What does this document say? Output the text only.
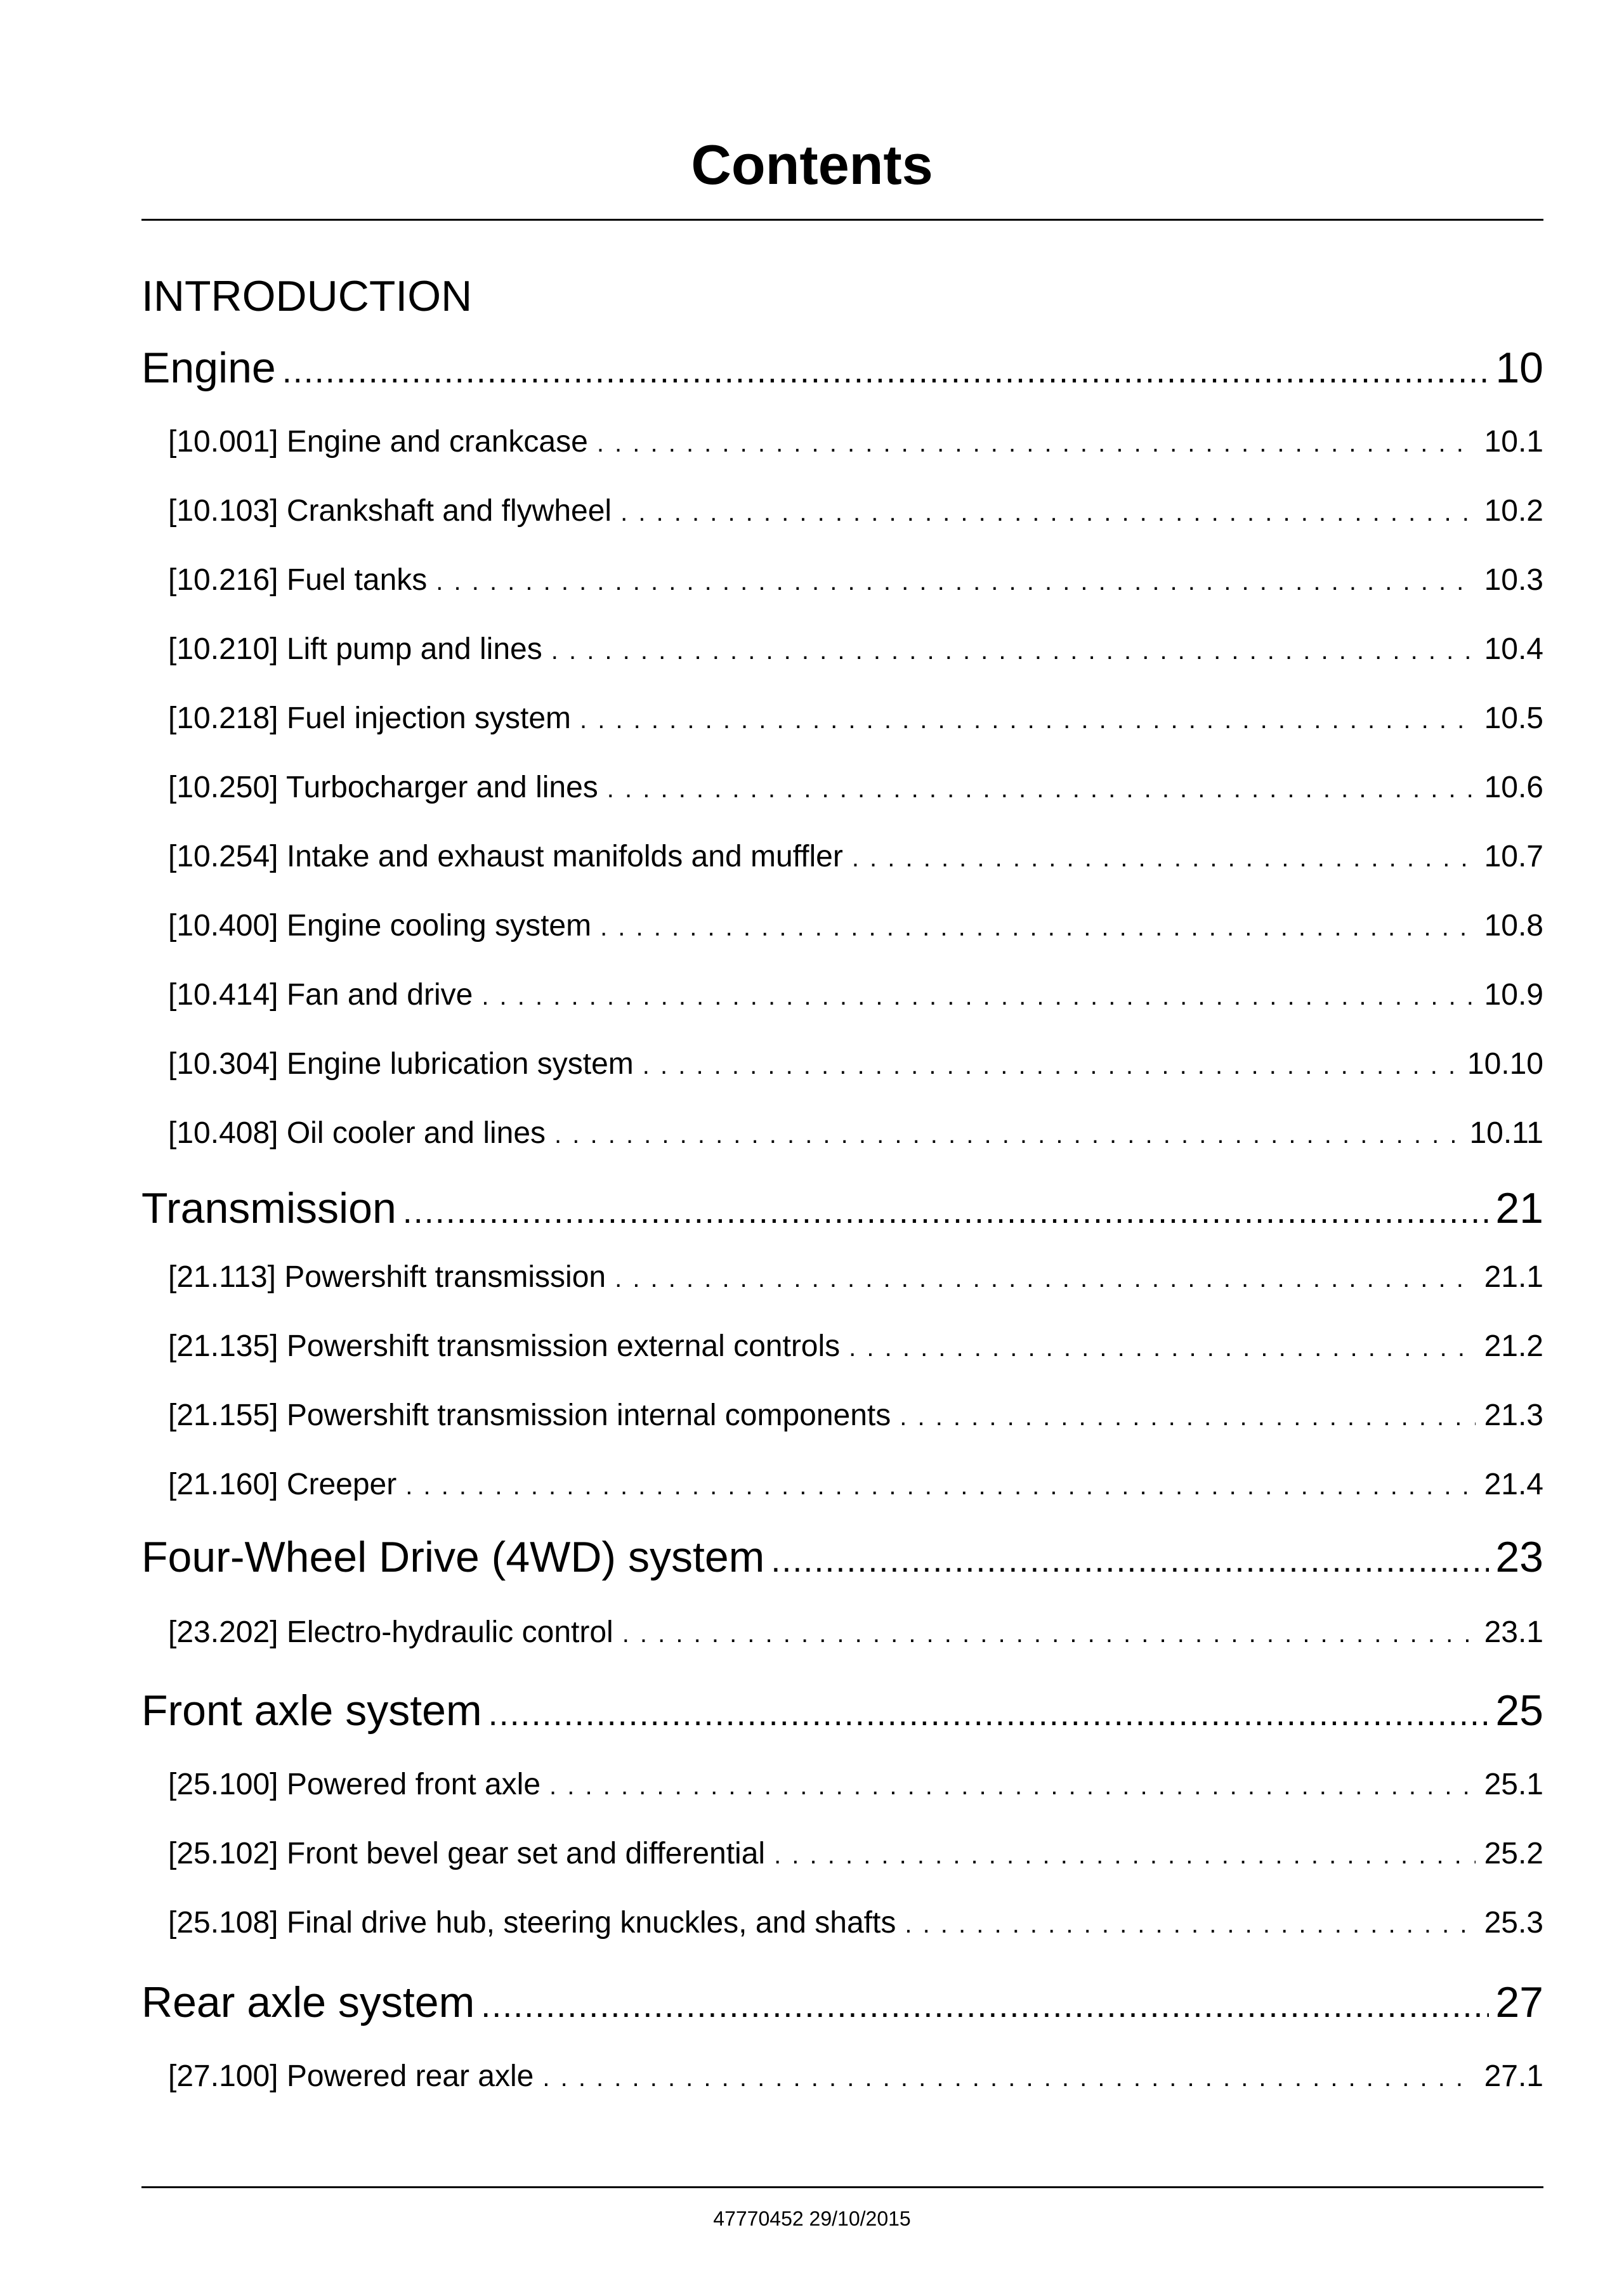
Contents
INTRODUCTION
Engine .....	10
[10.001] Engine and crankcase . . .	10.1
[10.103] Crankshaft and flywheel . . .	10.2
[10.216] Fuel tanks . . .	10.3
[10.210] Lift pump and lines . . .	10.4
[10.218] Fuel injection system . . .	10.5
[10.250] Turbocharger and lines . . .	10.6
[10.254] Intake and exhaust manifolds and muffler . . .	10.7
[10.400] Engine cooling system . . .	10.8
[10.414] Fan and drive . . .	10.9
[10.304] Engine lubrication system . . .	10.10
[10.408] Oil cooler and lines . . .	10.11
Transmission .....	21
[21.113] Powershift transmission . . .	21.1
[21.135] Powershift transmission external controls . . .	21.2
[21.155] Powershift transmission internal components . . .	21.3
[21.160] Creeper . . .	21.4
Four-Wheel Drive (4WD) system .....	23
[23.202] Electro-hydraulic control . . .	23.1
Front axle system .....	25
[25.100] Powered front axle . . .	25.1
[25.102] Front bevel gear set and differential . . .	25.2
[25.108] Final drive hub, steering knuckles, and shafts . . .	25.3
Rear axle system .....	27
[27.100] Powered rear axle . . .	27.1
47770452 29/10/2015
